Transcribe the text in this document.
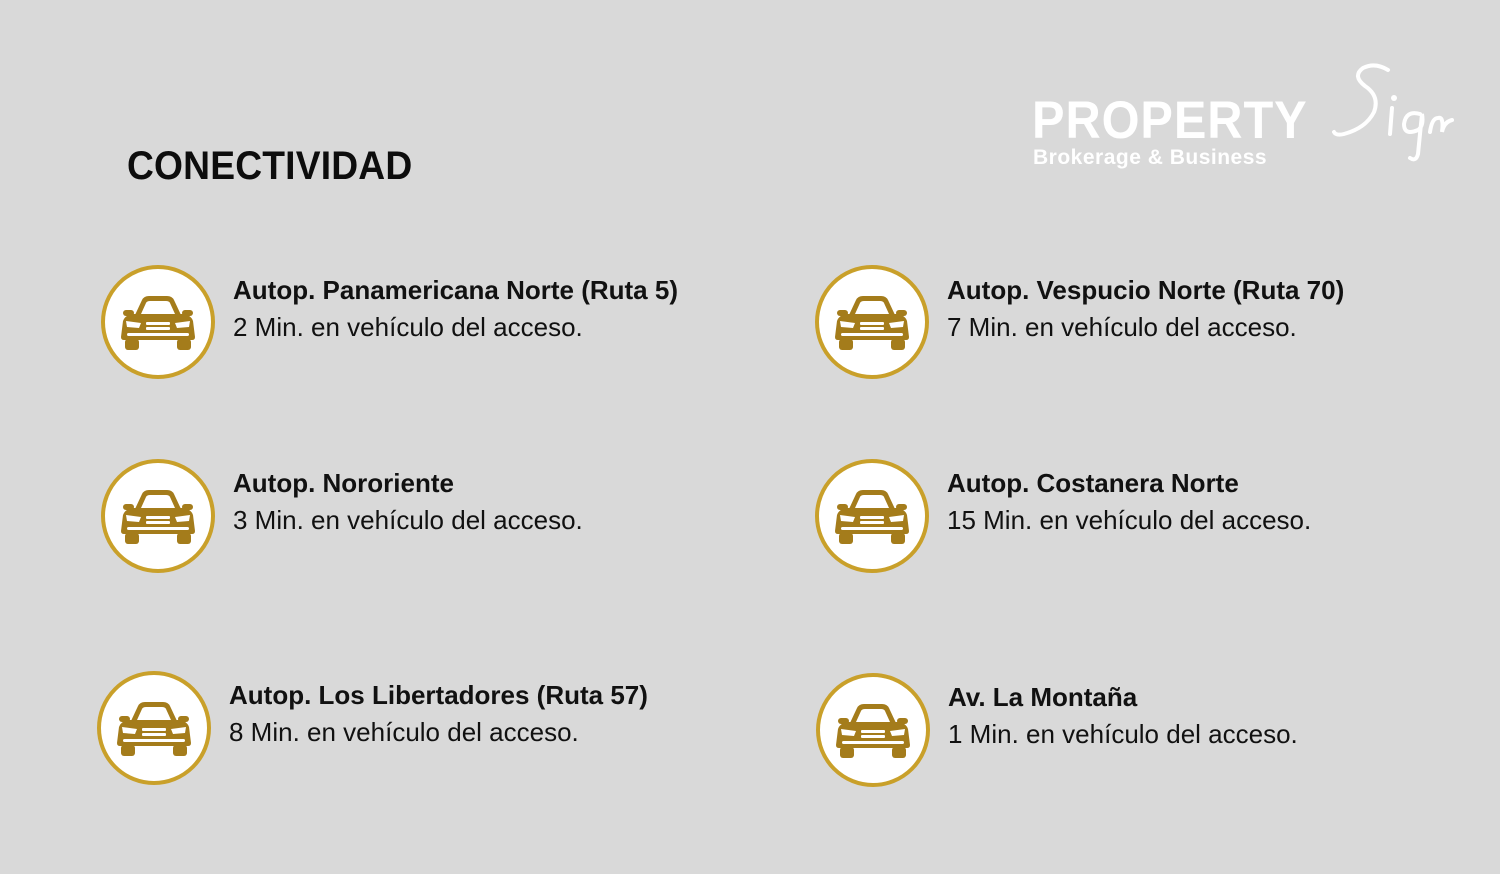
CONECTIVIDAD
PROPERTY
Brokerage & Business
Autop. Panamericana Norte (Ruta 5)
2 Min. en vehículo del acceso.
Autop. Vespucio Norte (Ruta 70)
7 Min. en vehículo del acceso.
Autop. Nororiente
3 Min. en vehículo del acceso.
Autop. Costanera Norte
15 Min. en vehículo del acceso.
Autop. Los Libertadores (Ruta 57)
8 Min. en vehículo del acceso.
Av. La Montaña
1 Min. en vehículo del acceso.
